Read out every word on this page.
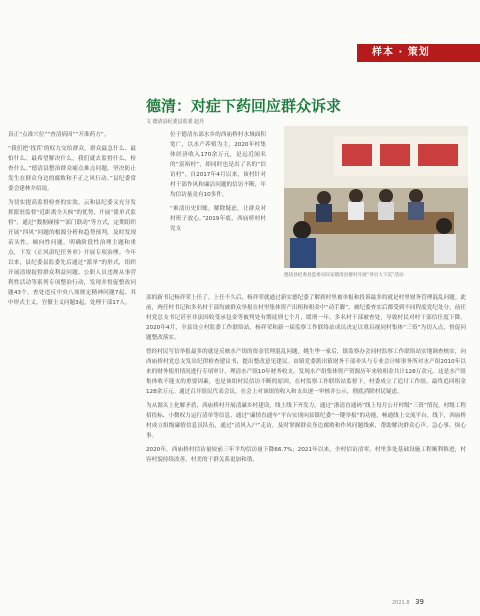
样本 · 策划
德清：对症下药回应群众诉求
文 德清县纪委县监委 赵丹

真正“点准穴位”“查清病因”“开准药方”。

“我们把‘找茬’的权力交给群众，群众最急什么、最怕什么、最希望解决什么，我们就去监督什么，检查什么。”德清县整治群众痛点难点问题、坚决防止发生在群众身边的腐败和不正之风行动。”县纪委常委会建林介绍说。

为切实提高监督检查的实效，云和县纪委又充分发挥派驻监督“近距离全天候”的优势，开展“派单式监督”，通过“数据碰撞”“部门联动”等方式，定期组织开展“四风”问题的根源分析和趋势预判，及时发现苗头性、倾向性问题，明确阶段性治理主题和重点，下发《正风肃纪任务单》开展专项治理。今年以来，县纪委县监委先后通过“派单”的形式，组织开展清规捉督群众利益问题、公职人员违规从事营利性活动等系列专项整治行动，发现并督促整改问题43个，查处违反中央八项规定精神问题7起、其中形式主义、官僚主义问题3起，处理干部17人。

位于德清东部水乡的西庙桥村水域面积宽广，以水产养殖为主，2020年村集体经济收入170余万元，是远近闻名的“富裕村”，却同时也是出了名的“信访村”。自2017年4月以来，该村针对村干部作风和廉洁问题的信访不断，年均信访量竟有10多件。

“难清历史旧账，解除疑虑，让群众对村班子放心。”2019年底，西庙桥村村党支

德清县纪委县监委实际安德清县群村开展“务员大下沉”活动

部的新书记杨祥荣上任了。上任不久后，杨祥荣就通过新实德纪委了解到村里被举报和投诉最多的就是村里财务管理混乱问题。此前，两任村书记和多名村干部均被群众举报在村里集体资产出租和租金中“动手脚”，被纪委查实后都受到不同程度党纪处分，前任村党总支书记甚至非法因收受承包金等被判处有期徒刑七个月，缓刑一年。多名村干部被查处，导致村民对村干部信任度下降。2020年4月，全县设立村监委工作联络站，杨祥荣和新一届监察工作联络站成员决定以重启视同村集体“三资”为切入点，督促问题整改落实。

曾经村民写信举报最多的就是反映水产组的资金管理混乱问题。姚生华一家后，镇监察办会同村监察工作联络站实地调查核实，向西庙桥村党总支发出纪律检查建议书，提出整改意见建议。由镇党委派出镇财务干部牵头与专业会计师事务所对水产组2010年以来的财务使用情况进行专项审计，理清水产组10年财务收支，发现水产组集体资产资源历年来收租金共计128万余元。这是水产组集体收不能支的重要因素，也是该组村民信访不断的原因。在村监察工作联络站监督下，村委成立了追讨工作组，最终追回租金128余万元。通过召开组民代表会议，在会上对该组的收入和支出逐一审核并公示，彻底消除村民疑虑。

为从源头上化解矛盾，西庙桥村开展清廉乡村建设，线上线下齐发力。通过“浙清直通码”线上每月公开村级“三资”情况，村级工程招投标、小微权力运行清单等信息，通过“廉情直通车”平台实现向县镇纪委“一键举报”的功能，畅通线上交流平台。线下，西庙桥村成立组级廉情信息员队伍，通过“清风入户”走访，及时掌握群众身边腐败和作风问题线索，帮助解决群众心声、急心事、烦心事。

2020年，西庙桥村信访量较前三年平均信访量下降66.7%；2021年以来，全村信访清零，村里多处基础设施工程顺利推进，村容村貌持续改善，村美的干群关系更加和谐。

2021.8 39
